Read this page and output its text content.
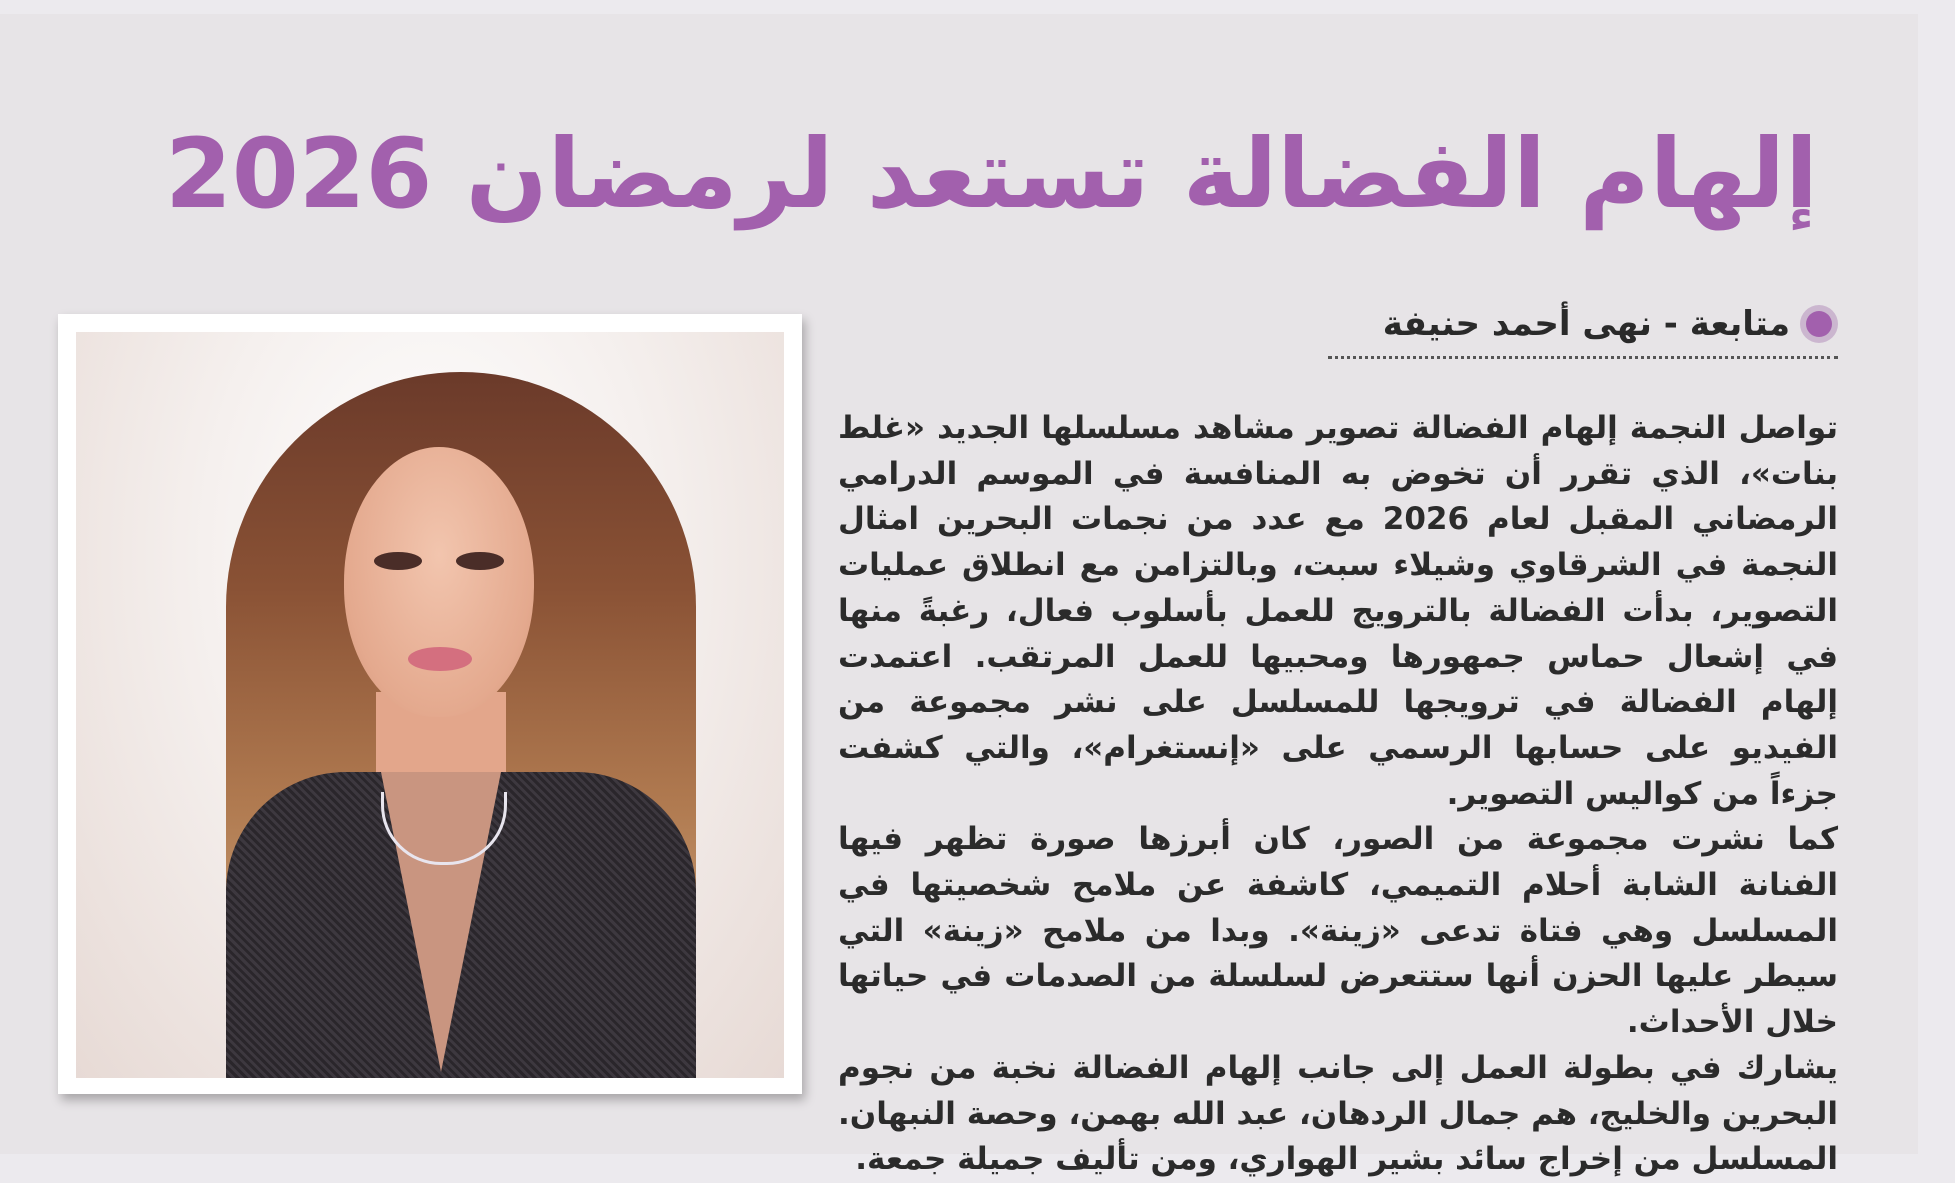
إلهام الفضالة تستعد لرمضان 2026
متابعة - نهى أحمد حنيفة

تواصل النجمة إلهام الفضالة تصوير مشاهد مسلسلها الجديد «غلط بنات»، الذي تقرر أن تخوض به المنافسة في الموسم الدرامي الرمضاني المقبل لعام 2026 مع عدد من نجمات البحرين امثال النجمة في الشرقاوي وشيلاء سبت، وبالتزامن مع انطلاق عمليات التصوير، بدأت الفضالة بالترويج للعمل بأسلوب فعال، رغبةً منها في إشعال حماس جمهورها ومحبيها للعمل المرتقب. اعتمدت إلهام الفضالة في ترويجها للمسلسل على نشر مجموعة من الفيديو على حسابها الرسمي على «إنستغرام»، والتي كشفت جزءاً من كواليس التصوير.

كما نشرت مجموعة من الصور، كان أبرزها صورة تظهر فيها الفنانة الشابة أحلام التميمي، كاشفة عن ملامح شخصيتها في المسلسل وهي فتاة تدعى «زينة». وبدا من ملامح «زينة» التي سيطر عليها الحزن أنها ستتعرض لسلسلة من الصدمات في حياتها خلال الأحداث.

يشارك في بطولة العمل إلى جانب إلهام الفضالة نخبة من نجوم البحرين والخليج، هم جمال الردهان، عبد الله بهمن، وحصة النبهان. المسلسل من إخراج سائد بشير الهواري، ومن تأليف جميلة جمعة.
